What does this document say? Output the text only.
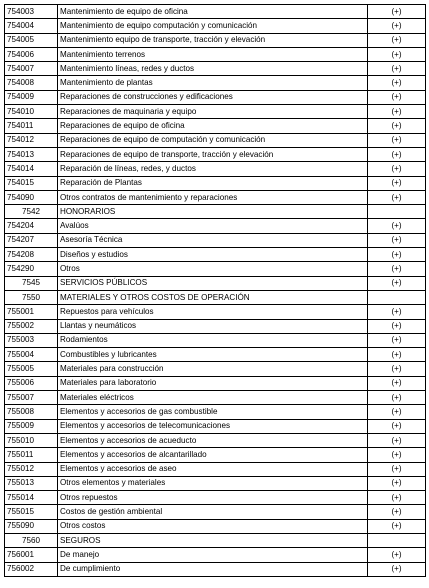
754003	Mantenimiento de equipo de oficina	(+)
754004	Mantenimiento de equipo computación y comunicación	(+)
754005	Mantenimiento equipo de transporte, tracción y elevación	(+)
754006	Mantenimiento terrenos	(+)
754007	Mantenimiento líneas, redes y ductos	(+)
754008	Mantenimiento de plantas	(+)
754009	Reparaciones de construcciones y edificaciones	(+)
754010	Reparaciones de maquinaria y equipo	(+)
754011	Reparaciones de equipo de oficina	(+)
754012	Reparaciones de equipo de computación y comunicación	(+)
754013	Reparaciones de equipo de transporte, tracción y elevación	(+)
754014	Reparación de líneas, redes, y ductos	(+)
754015	Reparación de Plantas	(+)
754090	Otros contratos de mantenimiento y reparaciones	(+)
7542	HONORARIOS	
754204	Avalúos	(+)
754207	Asesoría Técnica	(+)
754208	Diseños y estudios	(+)
754290	Otros	(+)
7545	SERVICIOS PÚBLICOS	(+)
7550	MATERIALES Y OTROS COSTOS DE OPERACIÓN	
755001	Repuestos para vehículos	(+)
755002	Llantas y neumáticos	(+)
755003	Rodamientos	(+)
755004	Combustibles y lubricantes	(+)
755005	Materiales para construcción	(+)
755006	Materiales para laboratorio	(+)
755007	Materiales eléctricos	(+)
755008	Elementos y accesorios de gas combustible	(+)
755009	Elementos y accesorios de telecomunicaciones	(+)
755010	Elementos y accesorios de acueducto	(+)
755011	Elementos y accesorios de alcantarillado	(+)
755012	Elementos y accesorios de aseo	(+)
755013	Otros elementos y materiales	(+)
755014	Otros repuestos	(+)
755015	Costos de gestión ambiental	(+)
755090	Otros costos	(+)
7560	SEGUROS	
756001	De manejo	(+)
756002	De cumplimiento	(+)
